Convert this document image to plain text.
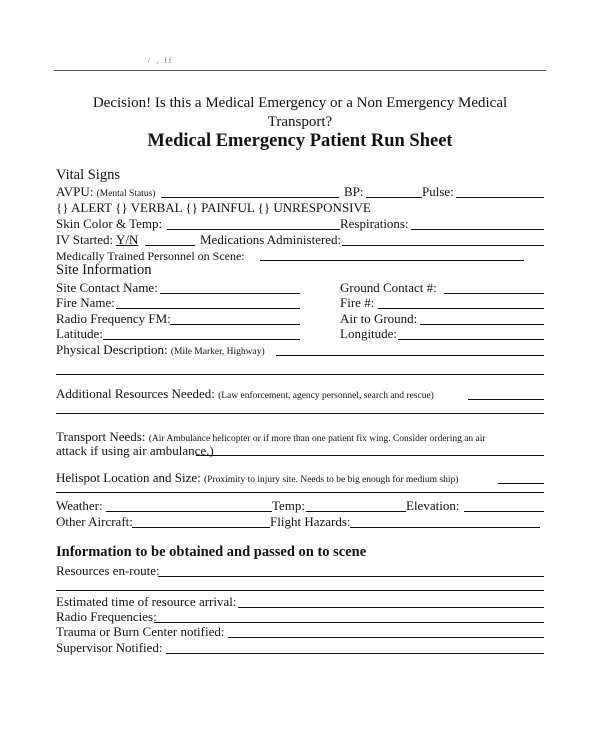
/ , ff
Decision! Is this a Medical Emergency or a Non Emergency Medical
Transport?
Medical Emergency Patient Run Sheet
Vital Signs
AVPU: (Mental Status)	BP:	Pulse:
{} ALERT {} VERBAL {} PAINFUL {} UNRESPONSIVE
Skin Color & Temp:	Respirations:
IV Started: Y/N	Medications Administered:
Medically Trained Personnel on Scene:
Site Information
Site Contact Name:	Ground Contact #:
Fire Name:	Fire #:
Radio Frequency FM:	Air to Ground:
Latitude:	Longitude:
Physical Description: (Mile Marker, Highway)
Additional Resources Needed: (Law enforcement, agency personnel, search and rescue)
Transport Needs: (Air Ambulance helicopter or if more than one patient fix wing. Consider ordering an air
attack if using air ambulance.)
Helispot Location and Size: (Proximity to injury site. Needs to be big enough for medium ship)
Weather:	Temp:	Elevation:
Other Aircraft:	Flight Hazards:
Information to be obtained and passed on to scene
Resources en-route:
Estimated time of resource arrival:
Radio Frequencies:
Trauma or Burn Center notified:
Supervisor Notified:
